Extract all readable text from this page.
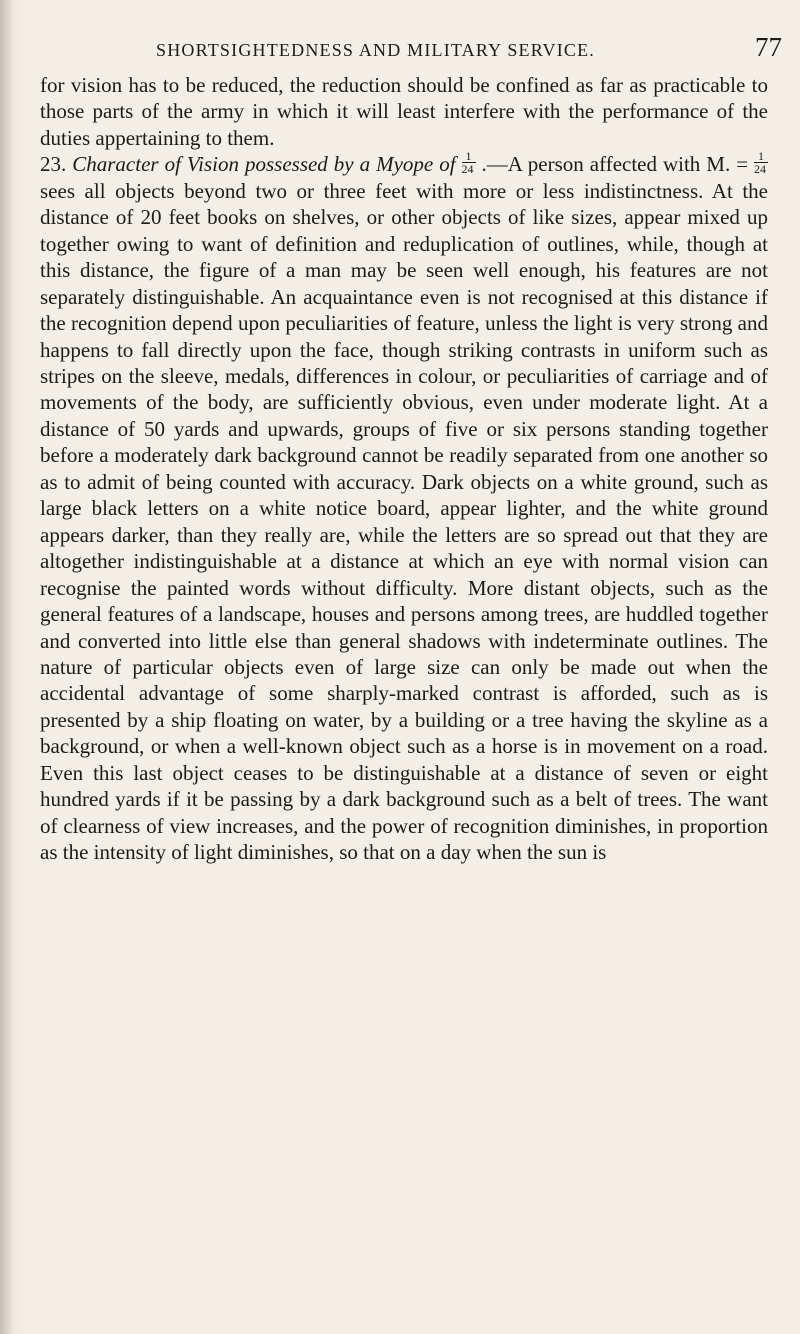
SHORTSIGHTEDNESS AND MILITARY SERVICE.	77

for vision has to be reduced, the reduction should be confined as far as practicable to those parts of the army in which it will least interfere with the performance of the duties appertaining to them.

23. Character of Vision possessed by a Myope of $\frac{1}{24}$ .—A person affected with M. = $\frac{1}{24}$
sees all objects beyond two or three feet with more or less indistinctness. At the distance of 20 feet books on shelves, or other objects of like sizes, appear mixed up together owing to want of definition and reduplication of outlines, while, though at this distance, the figure of a man may be seen well enough, his features are not separately distinguishable. An acquaintance even is not recognised at this distance if the recognition depend upon peculiarities of feature, unless the light is very strong and happens to fall directly upon the face, though striking contrasts in uniform such as stripes on the sleeve, medals, differences in colour, or peculiarities of carriage and of movements of the body, are sufficiently obvious, even under moderate light. At a distance of 50 yards and upwards, groups of five or six persons standing together before a moderately dark background cannot be readily separated from one another so as to admit of being counted with accuracy. Dark objects on a white ground, such as large black letters on a white notice board, appear lighter, and the white ground appears darker, than they really are, while the letters are so spread out that they are altogether indistinguishable at a distance at which an eye with normal vision can recognise the painted words without difficulty. More distant objects, such as the general features of a landscape, houses and persons among trees, are huddled together and converted into little else than general shadows with indeterminate outlines. The nature of particular objects even of large size can only be made out when the accidental advantage of some sharply-marked contrast is afforded, such as is presented by a ship floating on water, by a building or a tree having the skyline as a background, or when a well-known object such as a horse is in movement on a road. Even this last object ceases to be distinguishable at a distance of seven or eight hundred yards if it be passing by a dark background such as a belt of trees. The want of clearness of view increases, and the power of recognition diminishes, in proportion as the intensity of light diminishes, so that on a day when the sun is
